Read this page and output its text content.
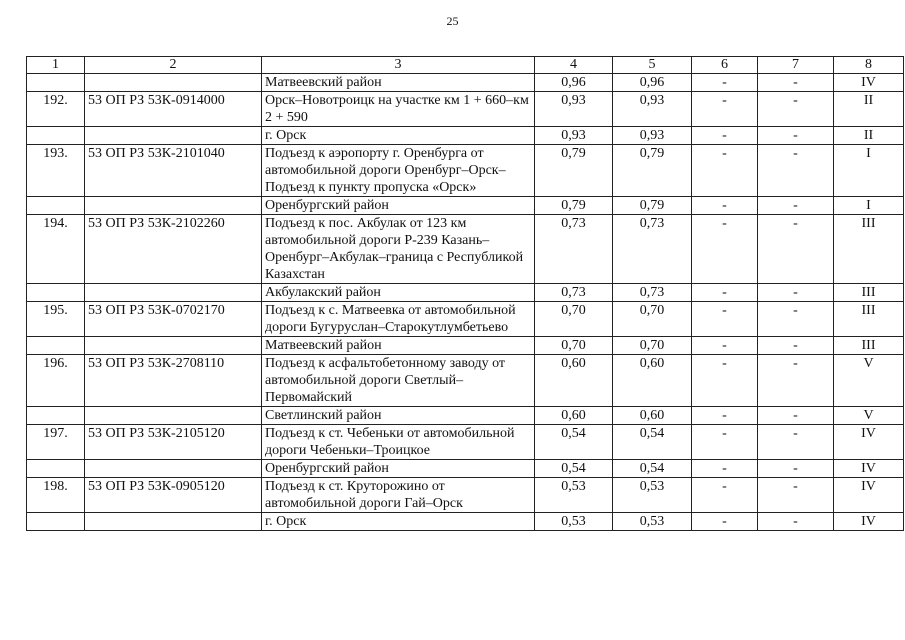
25
1	2	3	4	5	6	7	8
		Матвеевский район	0,96	0,96	-	-	IV
192.	53 ОП РЗ 53К-0914000	Орск–Новотроицк на участке км 1 + 660–км 2 + 590	0,93	0,93	-	-	II
		г. Орск	0,93	0,93	-	-	II
193.	53 ОП РЗ 53К-2101040	Подъезд к аэропорту г. Оренбурга от автомобильной дороги Оренбург–Орск–Подъезд к пункту пропуска «Орск»	0,79	0,79	-	-	I
		Оренбургский район	0,79	0,79	-	-	I
194.	53 ОП РЗ 53К-2102260	Подъезд к пос. Акбулак от 123 км автомобильной дороги Р-239 Казань–Оренбург–Акбулак–граница с Республикой Казахстан	0,73	0,73	-	-	III
		Акбулакский район	0,73	0,73	-	-	III
195.	53 ОП РЗ 53К-0702170	Подъезд к с. Матвеевка от автомобильной дороги Бугуруслан–Старокутлумбетьево	0,70	0,70	-	-	III
		Матвеевский район	0,70	0,70	-	-	III
196.	53 ОП РЗ 53К-2708110	Подъезд к асфальтобетонному заводу от автомобильной дороги Светлый–Первомайский	0,60	0,60	-	-	V
		Светлинский район	0,60	0,60	-	-	V
197.	53 ОП РЗ 53К-2105120	Подъезд к ст. Чебеньки от автомобильной дороги Чебеньки–Троицкое	0,54	0,54	-	-	IV
		Оренбургский район	0,54	0,54	-	-	IV
198.	53 ОП РЗ 53К-0905120	Подъезд к ст. Круторожино от автомобильной дороги Гай–Орск	0,53	0,53	-	-	IV
		г. Орск	0,53	0,53	-	-	IV
